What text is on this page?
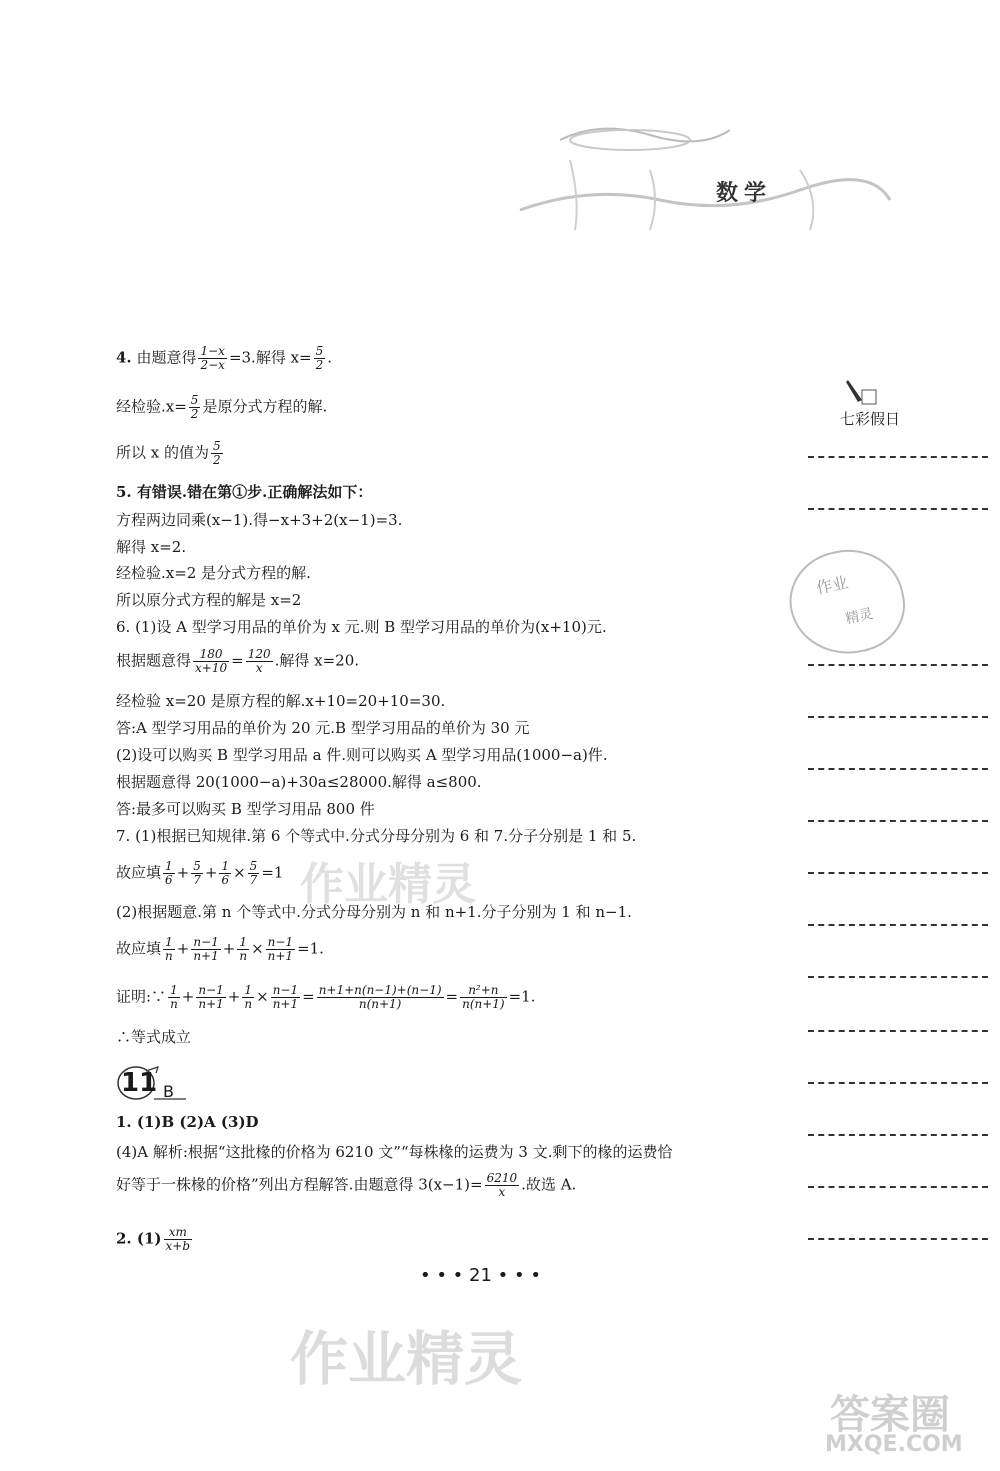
数学
4. 由题意得 $\frac{1-x}{2-x} =3$.解得 $x= \frac{5}{2}$ .
经检验$.x= \frac{5}{2}$ 是原分式方程的解.
所以 x 的值为 $\frac{5}{2}$
5. 有错误.错在第①步.正确解法如下：
方程两边同乘(x−1).得−x+3+2(x−1)=3.
解得 x=2.
经检验.x=2 是分式方程的解.
所以原分式方程的解是 x=2
6. (1)设 A 型学习用品的单价为 x 元.则 B 型学习用品的单价为(x+10)元.
根据题意得 $\frac{180}{x+10} = \frac{120}{x}$ .解得 x=20.
经检验 x=20 是原方程的解.x+10=20+10=30.
答:A 型学习用品的单价为 20 元.B 型学习用品的单价为 30 元
(2)设可以购买 B 型学习用品 a 件.则可以购买 A 型学习用品(1000−a)件.
根据题意得 20(1000−a)+30a≤28000.解得 a≤800.
答:最多可以购买 B 型学习用品 800 件
7. (1)根据已知规律.第 6 个等式中.分式分母分别为 6 和 7.分子分别是 1 和 5.
故应填 $\frac{1}{6} + \frac{5}{7} + \frac{1}{6} \times \frac{5}{7} =1$
(2)根据题意.第 n 个等式中.分式分母分别为 n 和 n+1.分子分别为 1 和 n−1.
故应填 $\frac{1}{n} + \frac{n-1}{n+1} + \frac{1}{n} \times \frac{n-1}{n+1} =1$.
证明:∵ $\frac{1}{n} + \frac{n-1}{n+1} + \frac{1}{n} \times \frac{n-1}{n+1} = \frac{n+1+n(n-1)+(n-1)}{n(n+1)} = \frac{\text{n²+n}}{n(n+1)} =1$.
∴等式成立
11 B
1. (1)B (2)A (3)D
(4)A 解析:根据“这批椽的价格为 6210 文”“每株椽的运费为 3 文.剩下的椽的运费恰
好等于一株椽的价格”列出方程解答.由题意得 $3(x-1)= \frac{6210}{x}$ .故选 A.
2. $(1) \frac{xm}{x+b}$
七彩假日
作业
精灵
作业精灵
作业精灵
答案圈
MXQE.COM
• • • 21 • • •
